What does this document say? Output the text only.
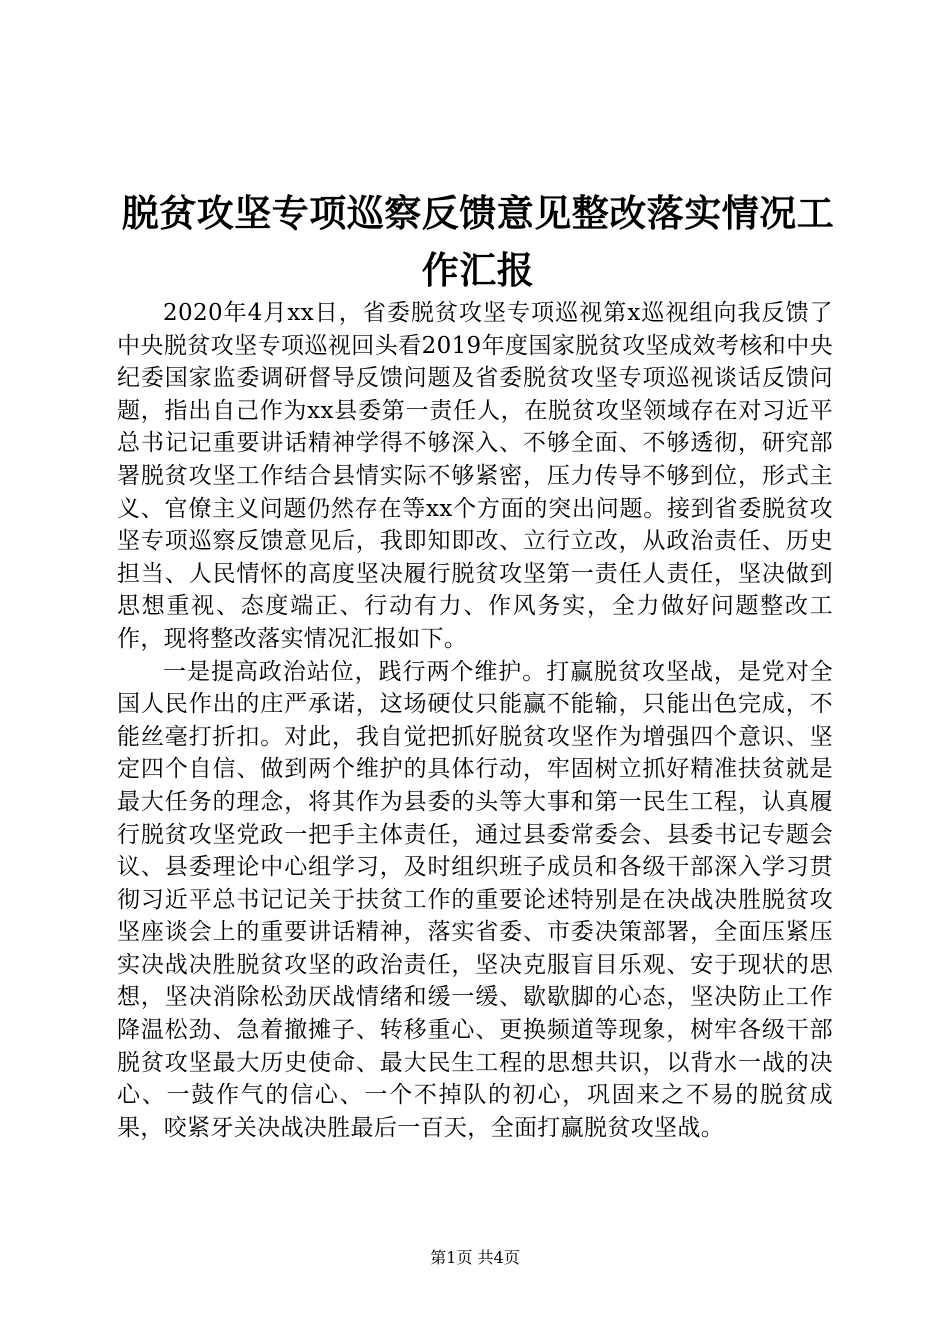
脱贫攻坚专项巡察反馈意见整改落实情况工作汇报

2020年4月xx日，省委脱贫攻坚专项巡视第x巡视组向我反馈了中央脱贫攻坚专项巡视回头看2019年度国家脱贫攻坚成效考核和中央纪委国家监委调研督导反馈问题及省委脱贫攻坚专项巡视谈话反馈问题，指出自己作为xx县委第一责任人，在脱贫攻坚领域存在对习近平总书记记重要讲话精神学得不够深入、不够全面、不够透彻，研究部署脱贫攻坚工作结合县情实际不够紧密，压力传导不够到位，形式主义、官僚主义问题仍然存在等xx个方面的突出问题。接到省委脱贫攻坚专项巡察反馈意见后，我即知即改、立行立改，从政治责任、历史担当、人民情怀的高度坚决履行脱贫攻坚第一责任人责任，坚决做到思想重视、态度端正、行动有力、作风务实，全力做好问题整改工作，现将整改落实情况汇报如下。

一是提高政治站位，践行两个维护。打赢脱贫攻坚战，是党对全国人民作出的庄严承诺，这场硬仗只能赢不能输，只能出色完成，不能丝毫打折扣。对此，我自觉把抓好脱贫攻坚作为增强四个意识、坚定四个自信、做到两个维护的具体行动，牢固树立抓好精准扶贫就是最大任务的理念，将其作为县委的头等大事和第一民生工程，认真履行脱贫攻坚党政一把手主体责任，通过县委常委会、县委书记专题会议、县委理论中心组学习，及时组织班子成员和各级干部深入学习贯彻习近平总书记记关于扶贫工作的重要论述特别是在决战决胜脱贫攻坚座谈会上的重要讲话精神，落实省委、市委决策部署，全面压紧压实决战决胜脱贫攻坚的政治责任，坚决克服盲目乐观、安于现状的思想，坚决消除松劲厌战情绪和缓一缓、歇歇脚的心态，坚决防止工作降温松劲、急着撤摊子、转移重心、更换频道等现象，树牢各级干部脱贫攻坚最大历史使命、最大民生工程的思想共识，以背水一战的决心、一鼓作气的信心、一个不掉队的初心，巩固来之不易的脱贫成果，咬紧牙关决战决胜最后一百天，全面打赢脱贫攻坚战。

第1页 共4页
